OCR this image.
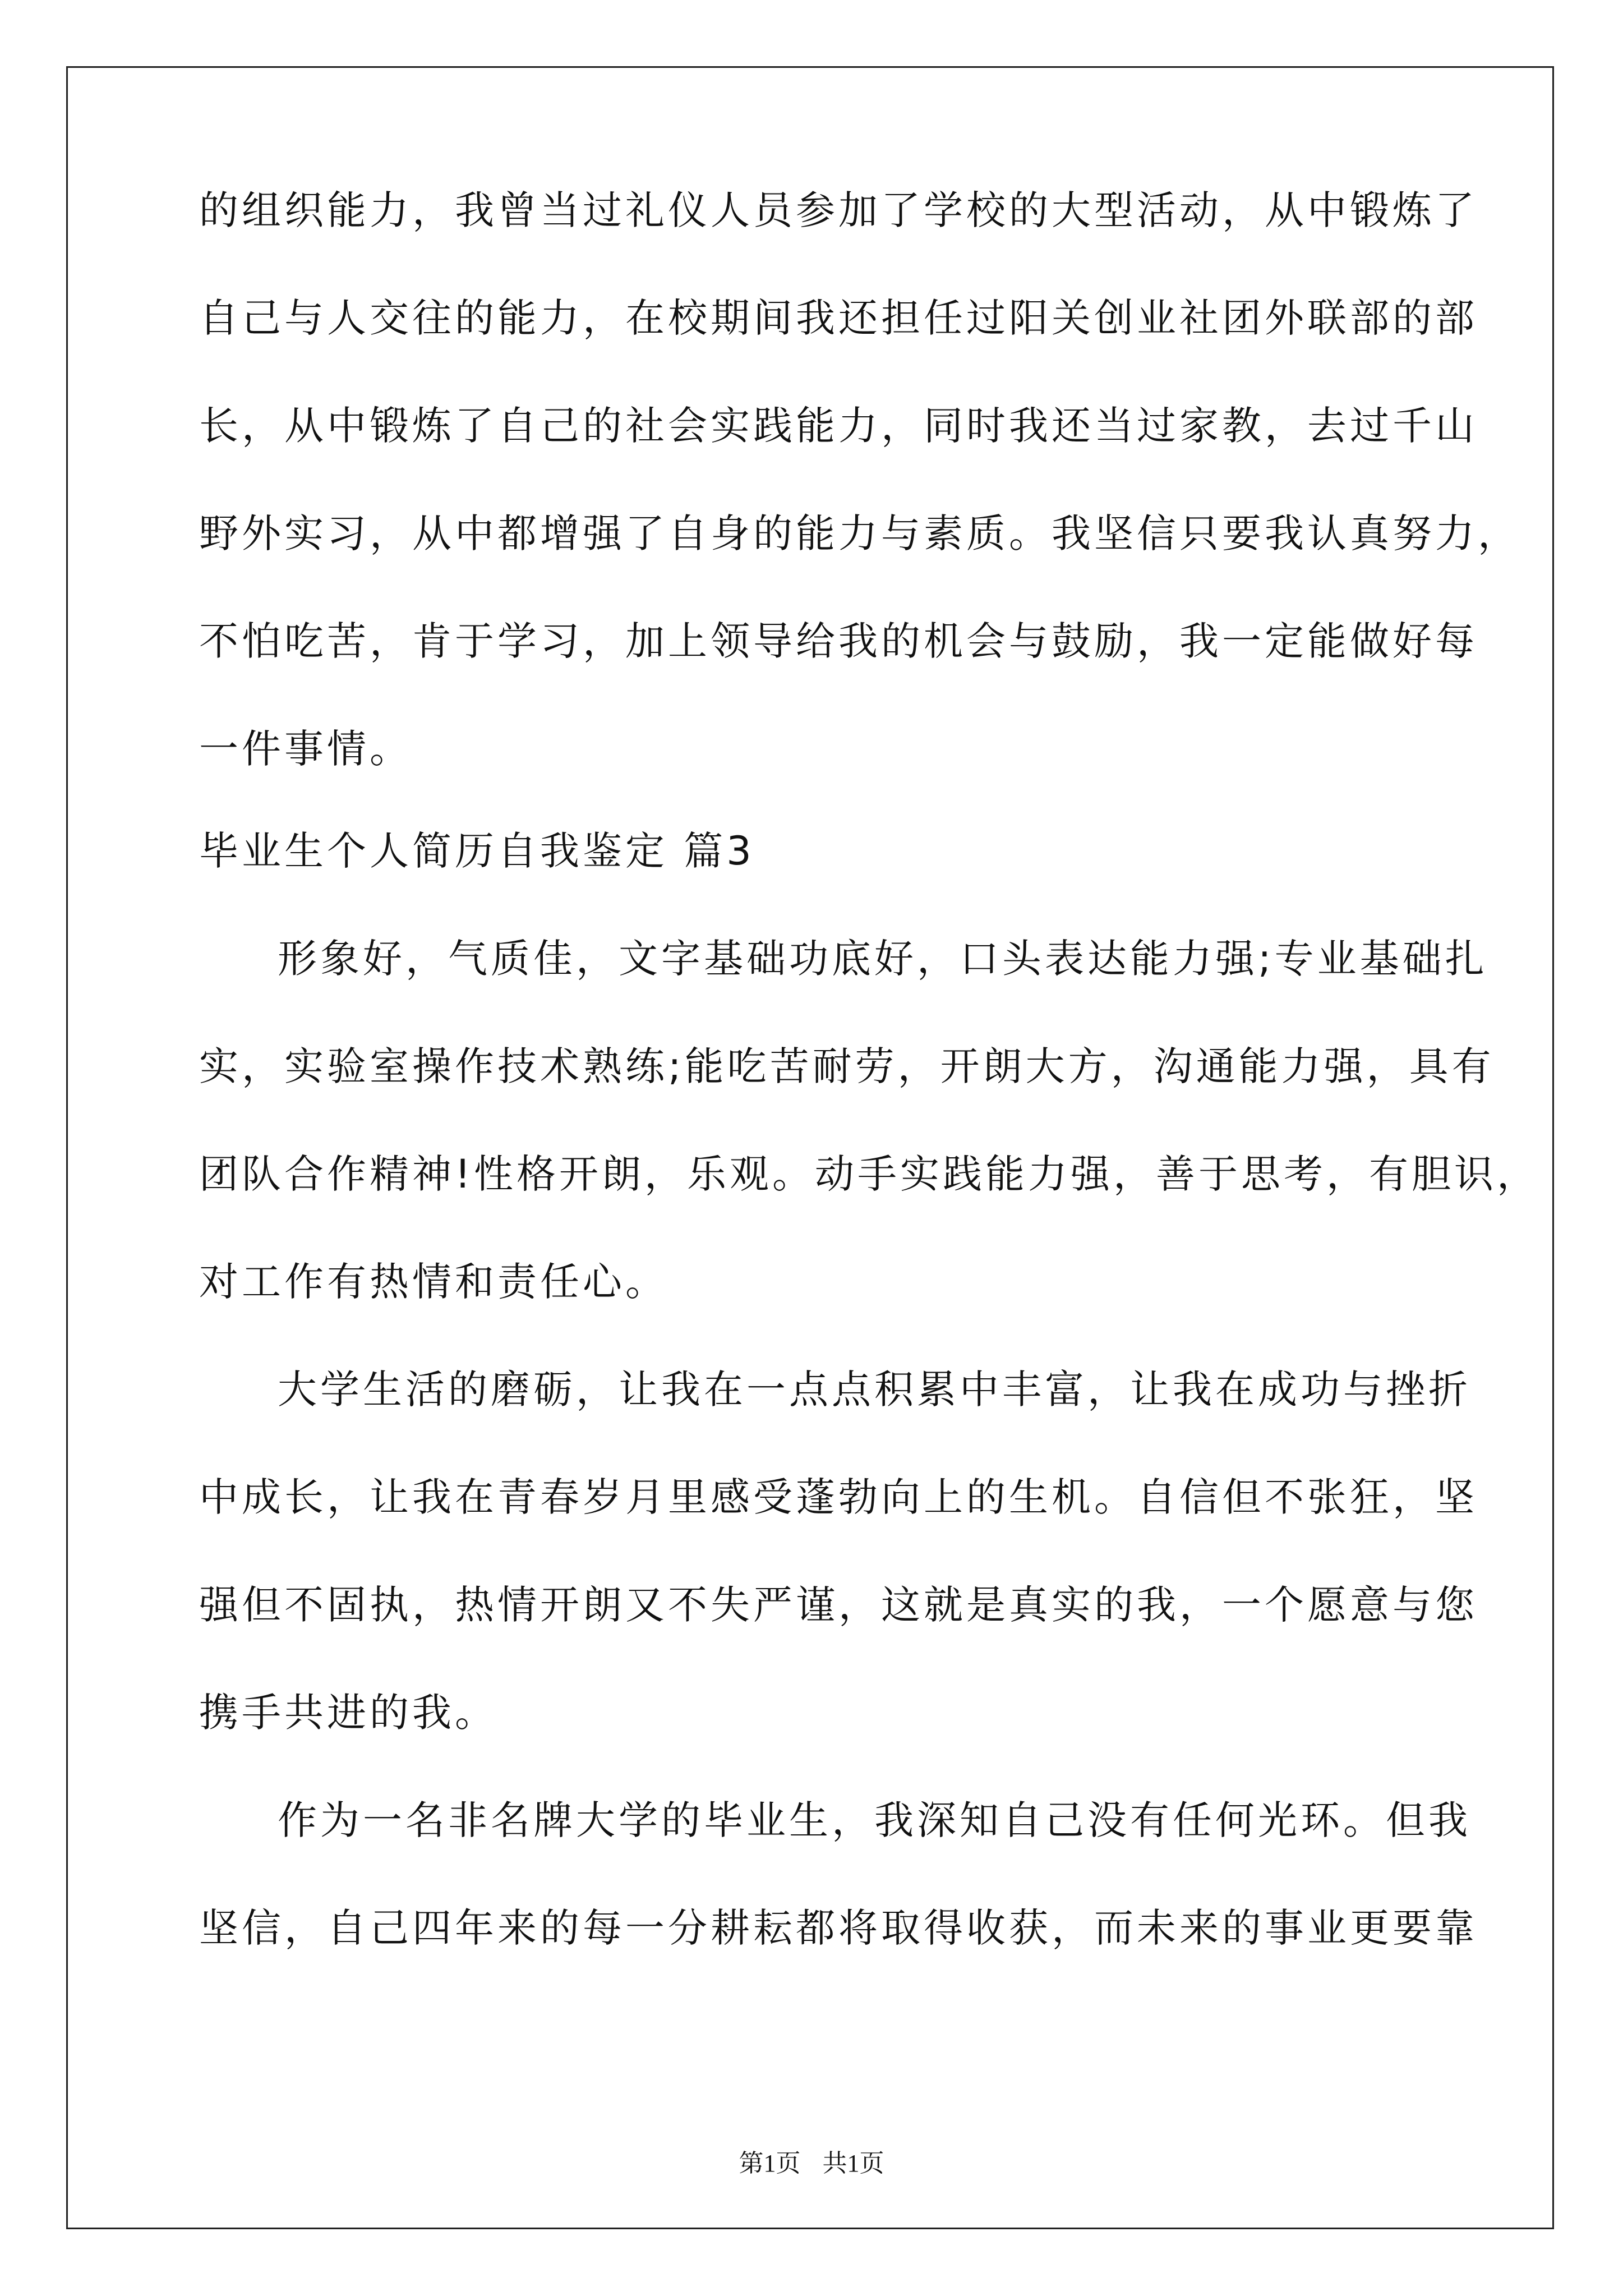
的组织能力，我曾当过礼仪人员参加了学校的大型活动，从中锻炼了
自己与人交往的能力，在校期间我还担任过阳关创业社团外联部的部
长，从中锻炼了自己的社会实践能力，同时我还当过家教，去过千山
野外实习，从中都增强了自身的能力与素质。我坚信只要我认真努力，
不怕吃苦，肯于学习，加上领导给我的机会与鼓励，我一定能做好每
一件事情。
毕业生个人简历自我鉴定 篇3
形象好，气质佳，文字基础功底好，口头表达能力强;专业基础扎
实，实验室操作技术熟练;能吃苦耐劳，开朗大方，沟通能力强，具有
团队合作精神!性格开朗，乐观。动手实践能力强，善于思考，有胆识，
对工作有热情和责任心。
大学生活的磨砺，让我在一点点积累中丰富，让我在成功与挫折
中成长，让我在青春岁月里感受蓬勃向上的生机。自信但不张狂，坚
强但不固执，热情开朗又不失严谨，这就是真实的我，一个愿意与您
携手共进的我。
作为一名非名牌大学的毕业生，我深知自己没有任何光环。但我
坚信，自己四年来的每一分耕耘都将取得收获，而未来的事业更要靠
第1页 共1页
